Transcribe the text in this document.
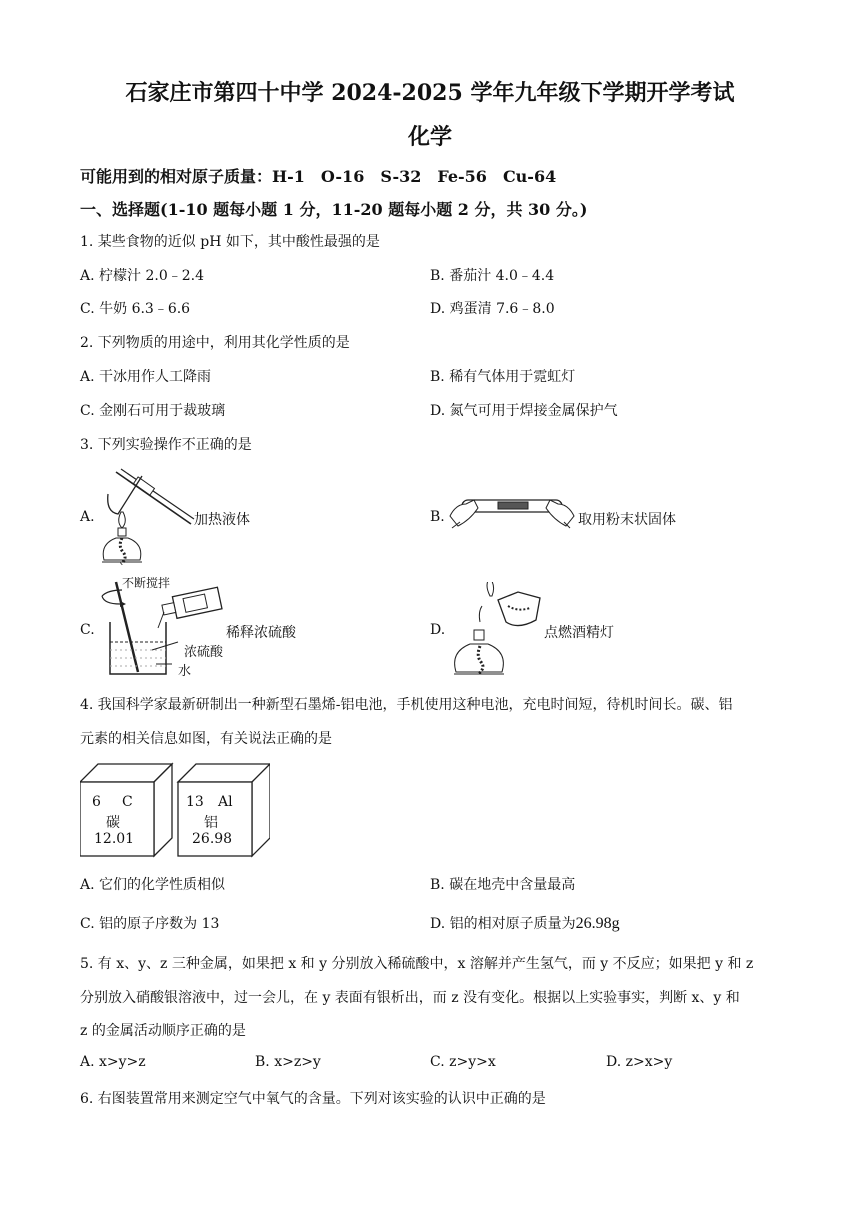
石家庄市第四十中学 2024-2025 学年九年级下学期开学考试
化学
可能用到的相对原子质量：H-1　O-16　S-32　Fe-56　Cu-64
一、选择题(1-10 题每小题 1 分，11-20 题每小题 2 分，共 30 分。)
1. 某些食物的近似 pH 如下，其中酸性最强的是
A. 柠檬汁 2.0﹣2.4	B. 番茄汁 4.0﹣4.4
C. 牛奶 6.3﹣6.6	D. 鸡蛋清 7.6﹣8.0
2. 下列物质的用途中，利用其化学性质的是
A. 干冰用作人工降雨	B. 稀有气体用于霓虹灯
C. 金刚石可用于裁玻璃	D. 氮气可用于焊接金属保护气
3. 下列实验操作不正确的是
A.	加热液体	B.	取用粉末状固体
C.
不断搅拌
浓硫酸
水
稀释浓硫酸	D.	点燃酒精灯
4. 我国科学家最新研制出一种新型石墨烯-铝电池，手机使用这种电池，充电时间短，待机时间长。碳、铝
元素的相关信息如图，有关说法正确的是
6 C
碳
12.01
13 Al
铝
26.98
A. 它们的化学性质相似	B. 碳在地壳中含量最高
C. 铝的原子序数为 13	D. 铝的相对原子质量为26.98g
5. 有 x、y、z 三种金属，如果把 x 和 y 分别放入稀硫酸中，x 溶解并产生氢气，而 y 不反应；如果把 y 和 z
分别放入硝酸银溶液中，过一会儿，在 y 表面有银析出，而 z 没有变化。根据以上实验事实，判断 x、y 和
z 的金属活动顺序正确的是
A. x>y>z	B. x>z>y	C. z>y>x	D. z>x>y
6. 右图装置常用来测定空气中氧气的含量。下列对该实验的认识中正确的是
